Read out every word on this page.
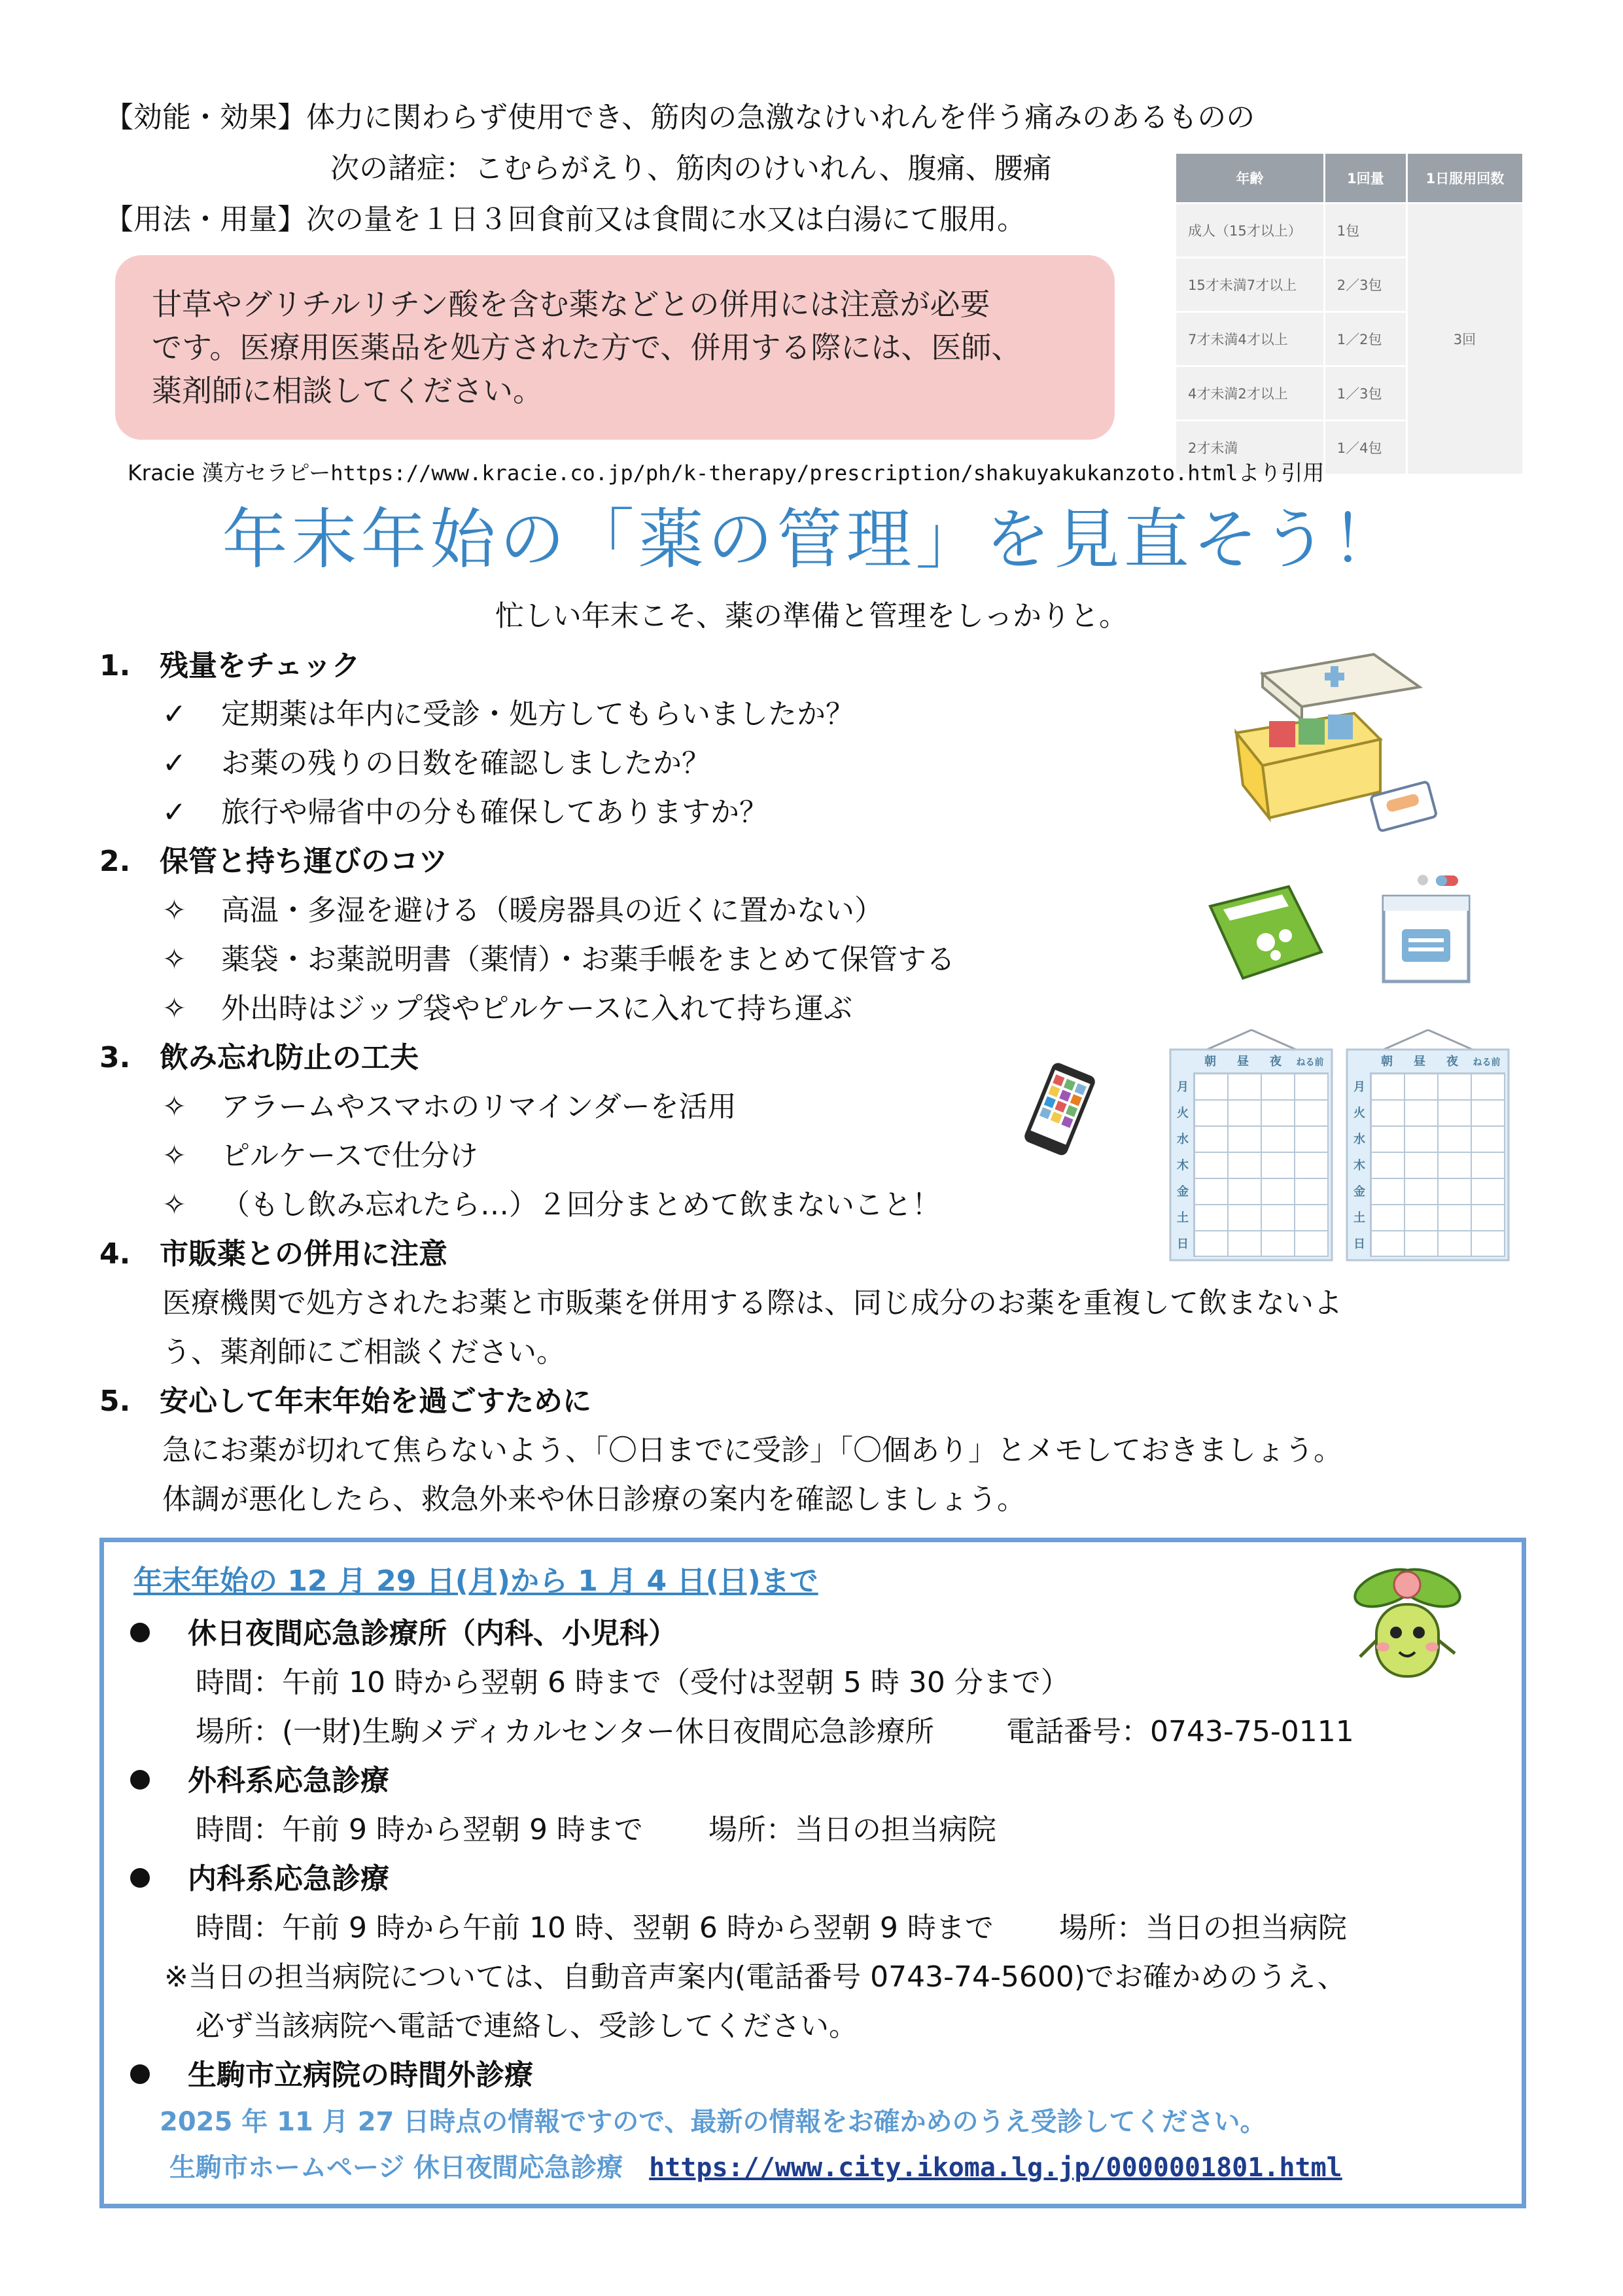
【効能・効果】体力に関わらず使用でき、筋肉の急激なけいれんを伴う痛みのあるものの
次の諸症：こむらがえり、筋肉のけいれん、腹痛、腰痛
【用法・用量】次の量を１日３回食前又は食間に水又は白湯にて服用。
年齢	1回量	1日服用回数
成人（15才以上）	1包	3回
15才未満7才以上	2／3包	
7才未満4才以上	1／2包	
4才未満2才以上	1／3包	
2才未満	1／4包	
甘草やグリチルリチン酸を含む薬などとの併用には注意が必要
です。医療用医薬品を処方された方で、併用する際には、医師、
薬剤師に相談してください。
Kracie 漢方セラピーhttps://www.kracie.co.jp/ph/k-therapy/prescription/shakuyakukanzoto.htmlより引用
年末年始の「薬の管理」を見直そう！
忙しい年末こそ、薬の準備と管理をしっかりと。
1. 残量をチェック
✓ 定期薬は年内に受診・処方してもらいましたか？
✓ お薬の残りの日数を確認しましたか？
✓ 旅行や帰省中の分も確保してありますか？
2. 保管と持ち運びのコツ
✧ 高温・多湿を避ける（暖房器具の近くに置かない）
✧ 薬袋・お薬説明書（薬情）・お薬手帳をまとめて保管する
✧ 外出時はジップ袋やピルケースに入れて持ち運ぶ
3. 飲み忘れ防止の工夫
✧ アラームやスマホのリマインダーを活用
✧ ピルケースで仕分け
✧ （もし飲み忘れたら…）２回分まとめて飲まないこと！
4. 市販薬との併用に注意
医療機関で処方されたお薬と市販薬を併用する際は、同じ成分のお薬を重複して飲まないよ
う、薬剤師にご相談ください。
5. 安心して年末年始を過ごすために
急にお薬が切れて焦らないよう、「〇日までに受診」「〇個あり」とメモしておきましょう。
体調が悪化したら、救急外来や休日診療の案内を確認しましょう。
朝 昼 夜 ねる前
月
火
水
木
金
土
日
朝 昼 夜 ねる前
月
火
水
木
金
土
日
年末年始の 12 月 29 日(月)から 1 月 4 日(日)まで
休日夜間応急診療所（内科、小児科）
時間：午前 10 時から翌朝 6 時まで（受付は翌朝 5 時 30 分まで）
場所：(一財)生駒メディカルセンター休日夜間応急診療所	電話番号：0743-75-0111
外科系応急診療
時間：午前 9 時から翌朝 9 時まで 場所：当日の担当病院
内科系応急診療
時間：午前 9 時から午前 10 時、翌朝 6 時から翌朝 9 時まで 場所：当日の担当病院
※当日の担当病院については、自動音声案内(電話番号 0743-74-5600)でお確かめのうえ、
必ず当該病院へ電話で連絡し、受診してください。
生駒市立病院の時間外診療
2025 年 11 月 27 日時点の情報ですので、最新の情報をお確かめのうえ受診してください。
生駒市ホームページ 休日夜間応急診療 https://www.city.ikoma.lg.jp/0000001801.html
